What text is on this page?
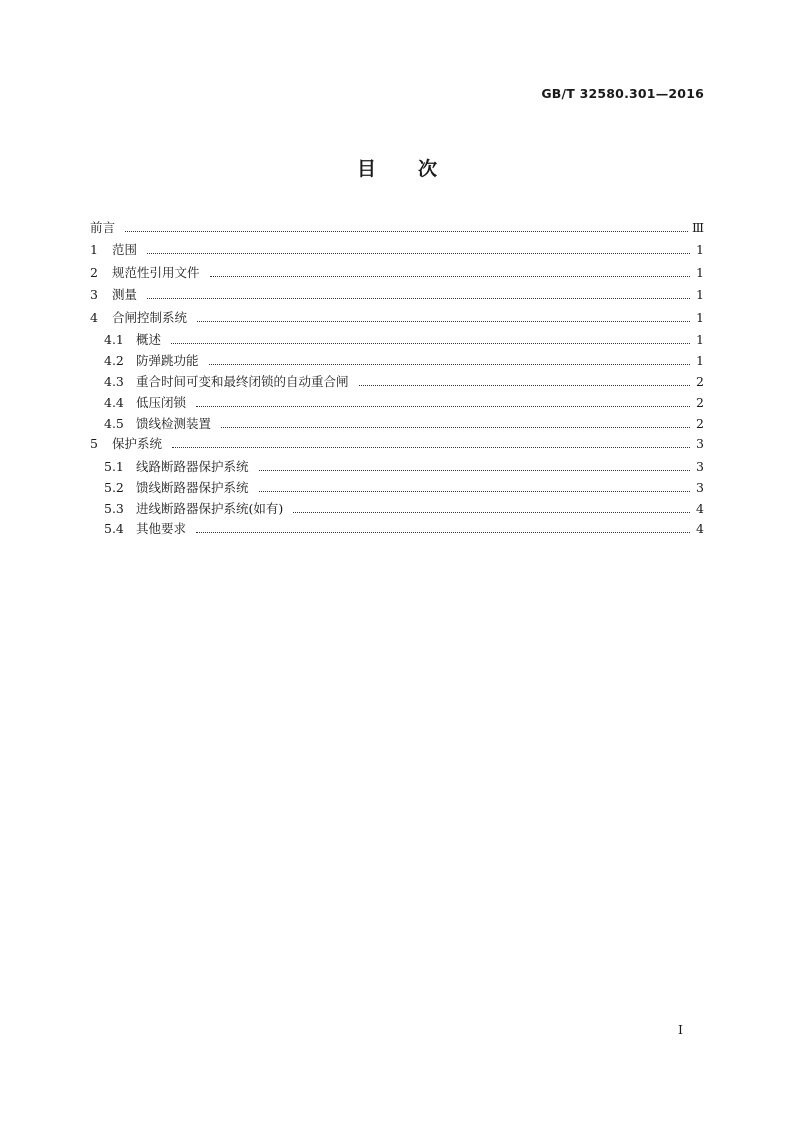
GB/T 32580.301—2016
目次
前言	Ⅲ
1	范围	1
2	规范性引用文件	1
3	测量	1
4	合闸控制系统	1
4.1 概述	1
4.2 防弹跳功能	1
4.3 重合时间可变和最终闭锁的自动重合闸	2
4.4 低压闭锁	2
4.5 馈线检测装置	2
5	保护系统	3
5.1 线路断路器保护系统	3
5.2 馈线断路器保护系统	3
5.3 进线断路器保护系统(如有)	4
5.4 其他要求	4
I
